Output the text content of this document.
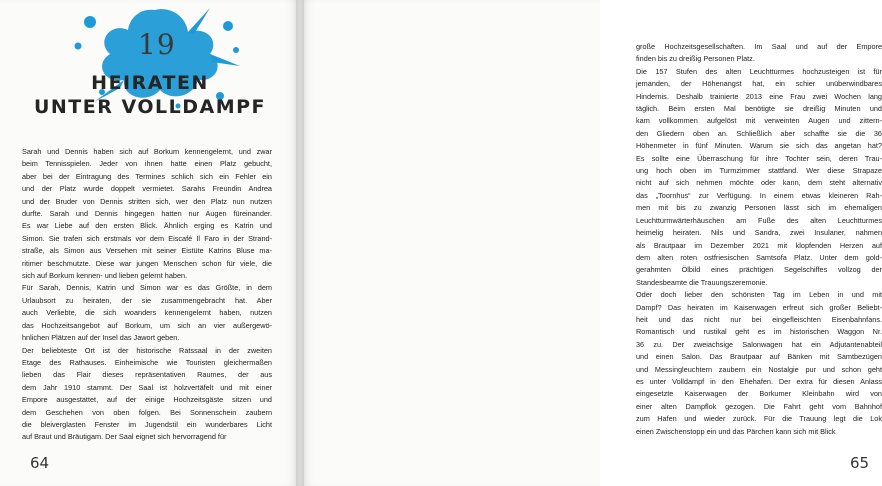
19
HEIRATEN
UNTER VOLLDAMPF
Sarah und Dennis haben sich auf Borkum kennengelernt, und zwar
beim Tennisspielen. Jeder von ihnen hatte einen Platz gebucht,
aber bei der Eintragung des Termines schlich sich ein Fehler ein
und der Platz wurde doppelt vermietet. Sarahs Freundin Andrea
und der Bruder von Dennis stritten sich, wer den Platz nun nutzen
durfte. Sarah und Dennis hingegen hatten nur Augen füreinander.
Es war Liebe auf den ersten Blick. Ähnlich erging es Katrin und
Simon. Sie trafen sich erstmals vor dem Eiscafé Il Faro in der Strand-
straße, als Simon aus Versehen mit seiner Eistüte Katrins Bluse ma-
ritimer beschmutzte. Diese war jungen Menschen schon für viele, die
sich auf Borkum kennen- und lieben gelernt haben.
Für Sarah, Dennis, Katrin und Simon war es das Größte, in dem
Urlaubsort zu heiraten, der sie zusammengebracht hat. Aber
auch Verliebte, die sich woanders kennengelernt haben, nutzen
das Hochzeitsangebot auf Borkum, um sich an vier außergewö-
hnlichen Plätzen auf der Insel das Jawort geben.
Der beliebteste Ort ist der historische Ratssaal in der zweiten
Etage des Rathauses. Einheimische wie Touristen gleichermaßen
lieben das Flair dieses repräsentativen Raumes, der aus
dem Jahr 1910 stammt. Der Saal ist holzvertäfelt und mit einer
Empore ausgestattet, auf der einige Hochzeitsgäste sitzen und
dem Geschehen von oben folgen. Bei Sonnenschein zaubern
die bleiverglasten Fenster im Jugendstil ein wunderbares Licht
auf Braut und Bräutigam. Der Saal eignet sich hervorragend für
64
große Hochzeitsgesellschaften. Im Saal und auf der Empore
finden bis zu dreißig Personen Platz.
Die 157 Stufen des alten Leuchtturmes hochzusteigen ist für
jemanden, der Höhenangst hat, ein schier unüberwindbares
Hindernis. Deshalb trainierte 2013 eine Frau zwei Wochen lang
täglich. Beim ersten Mal benötigte sie dreißig Minuten und
kam vollkommen aufgelöst mit verweinten Augen und zittern-
den Gliedern oben an. Schließlich aber schaffte sie die 36
Höhenmeter in fünf Minuten. Warum sie sich das angetan hat?
Es sollte eine Überraschung für ihre Tochter sein, deren Trau-
ung hoch oben im Turmzimmer stattfand. Wer diese Strapaze
nicht auf sich nehmen möchte oder kann, dem steht alternativ
das „Toornhus“ zur Verfügung. In einem etwas kleineren Rah-
men mit bis zu zwanzig Personen lässt sich im ehemaligen
Leuchtturmwärterhäuschen am Fuße des alten Leuchtturmes
heimelig heiraten. Nils und Sandra, zwei Insulaner, nahmen
als Brautpaar im Dezember 2021 mit klopfenden Herzen auf
dem alten roten ostfriesischen Samtsofa Platz. Unter dem gold-
gerahmten Ölbild eines prächtigen Segelschiffes vollzog der
Standesbeamte die Trauungszeremonie.
Oder doch lieber den schönsten Tag im Leben in und mit
Dampf? Das heiraten im Kaiserwagen erfreut sich großer Beliebt-
heit und das nicht nur bei eingefleischten Eisenbahnfans.
Romantisch und rustikal geht es im historischen Waggon Nr.
36 zu. Der zweiachsige Salonwagen hat ein Adjutantenabteil
und einen Salon. Das Brautpaar auf Bänken mit Samtbezügen
und Messingleuchtern zaubern ein Nostalgie pur und schon geht
es unter Volldampf in den Ehehafen. Der extra für diesen Anlass
eingesetzte Kaiserwagen der Borkumer Kleinbahn wird von
einer alten Dampflok gezogen. Die Fahrt geht vom Bahnhof
zum Hafen und wieder zurück. Für die Trauung legt die Lok
einen Zwischenstopp ein und das Pärchen kann sich mit Blick
65
